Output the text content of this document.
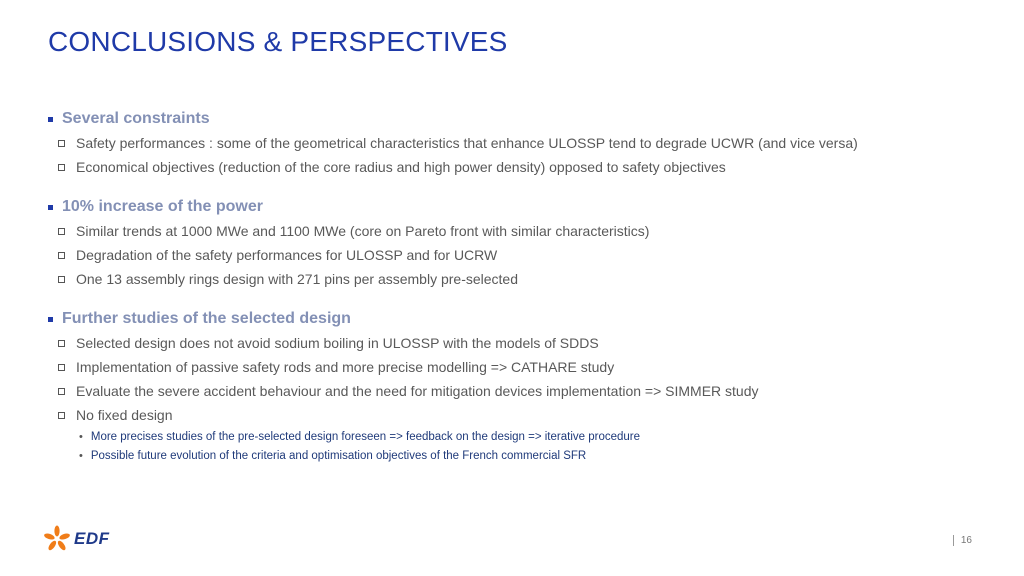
CONCLUSIONS & PERSPECTIVES
Several constraints
Safety performances : some of the geometrical characteristics that enhance ULOSSP tend to degrade UCWR (and vice versa)
Economical objectives (reduction of the core radius and high power density) opposed to safety objectives
10% increase of the power
Similar trends at 1000 MWe and 1100 MWe (core on Pareto front with similar characteristics)
Degradation of the safety performances for ULOSSP and for UCRW
One 13 assembly rings design with 271 pins per assembly pre-selected
Further studies of the selected design
Selected design does not avoid sodium boiling in ULOSSP with the models of SDDS
Implementation of passive safety rods and more precise modelling => CATHARE study
Evaluate the severe accident behaviour and the need for mitigation devices implementation => SIMMER study
No fixed design
• More precises studies of the pre-selected design foreseen => feedback on the design => iterative procedure
• Possible future evolution of the criteria and optimisation objectives of the French commercial SFR
EDF	16
